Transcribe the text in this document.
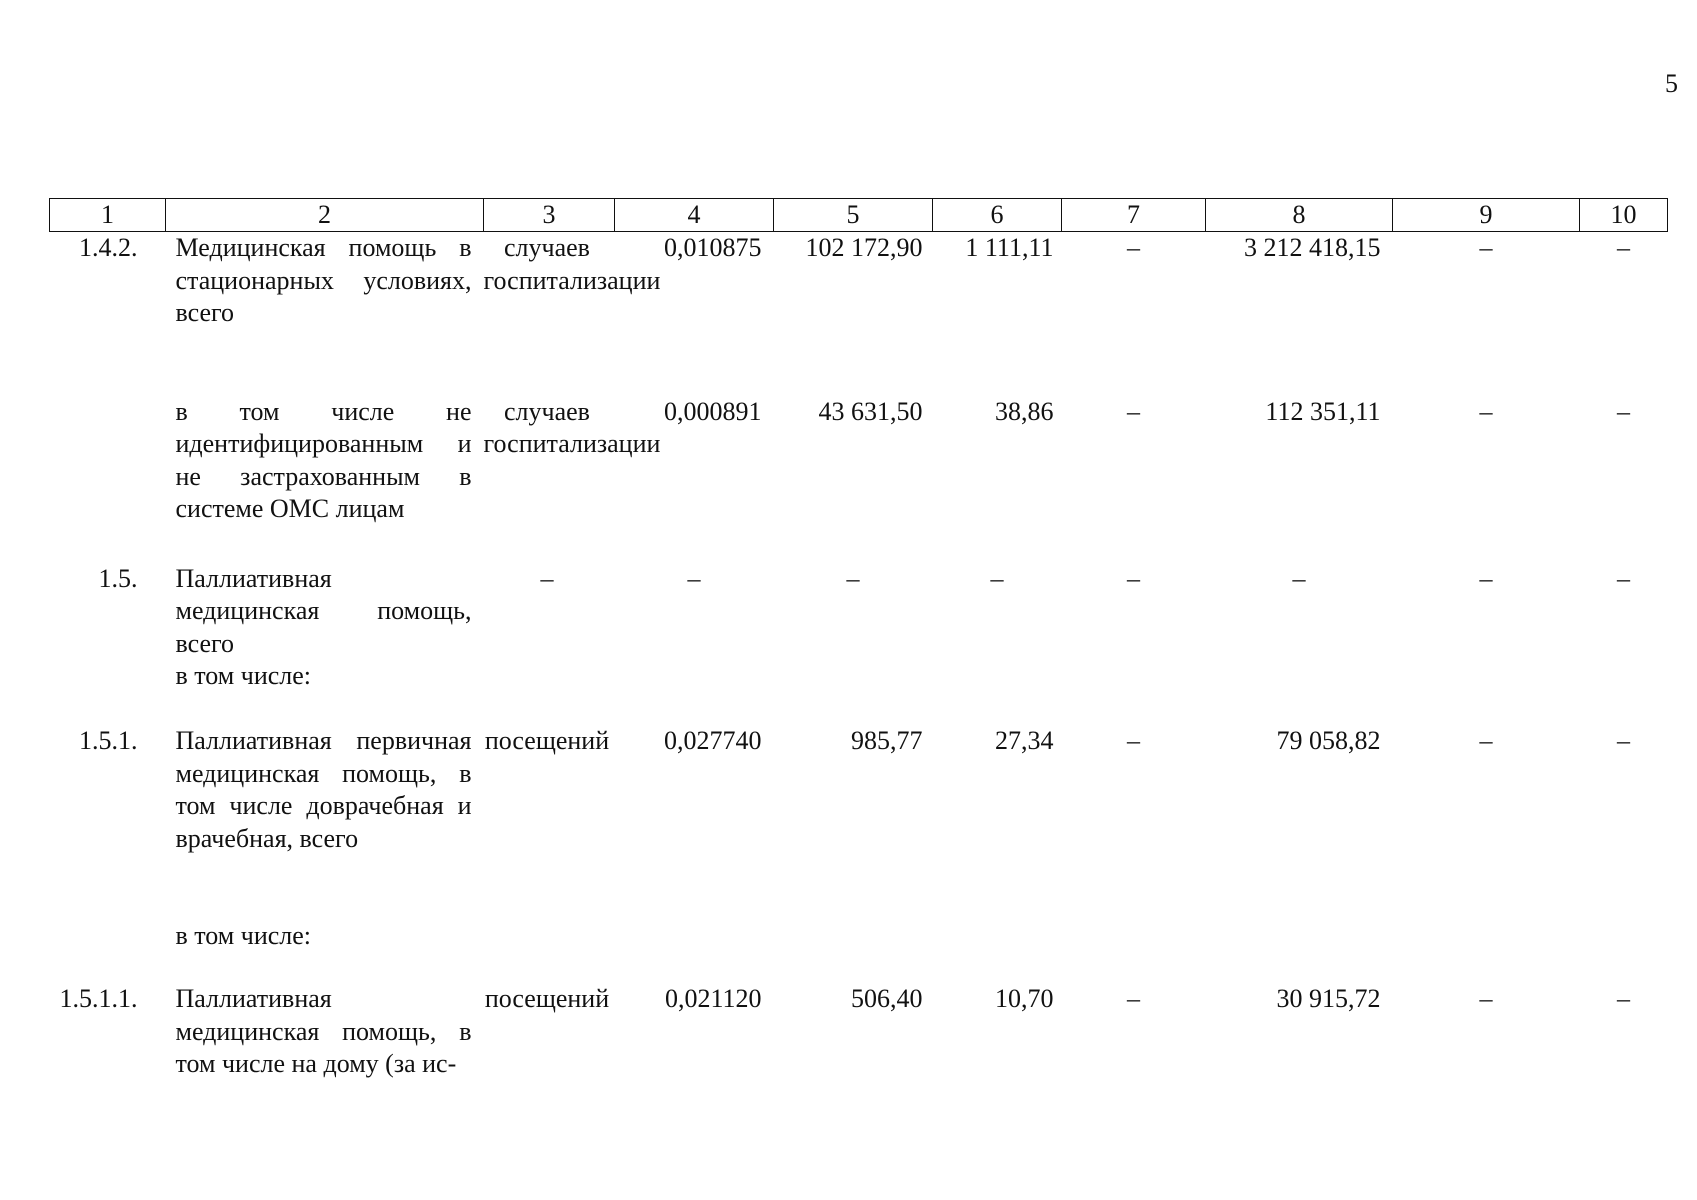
5
1	2	3	4	5	6	7	8	9	10
1.4.2.	Медицинская помощь в стационарных условиях, всего	случаев госпитализации	0,010875	102 172,90	1 111,11	–	3 212 418,15	–	–
	в том числе не идентифицированным и не застрахованным в системе ОМС лицам	случаев госпитализации	0,000891	43 631,50	38,86	–	112 351,11	–	–
1.5.	Паллиативная медицинская помощь, всего	–	–	–	–	–	–	–	–
	в том числе:								
1.5.1.	Паллиативная первичная медицинская помощь, в том числе доврачебная и врачебная, всего	посещений	0,027740	985,77	27,34	–	79 058,82	–	–
	в том числе:								
1.5.1.1.	Паллиативная медицинская помощь, в том числе на дому (за ис-	посещений	0,021120	506,40	10,70	–	30 915,72	–	–
